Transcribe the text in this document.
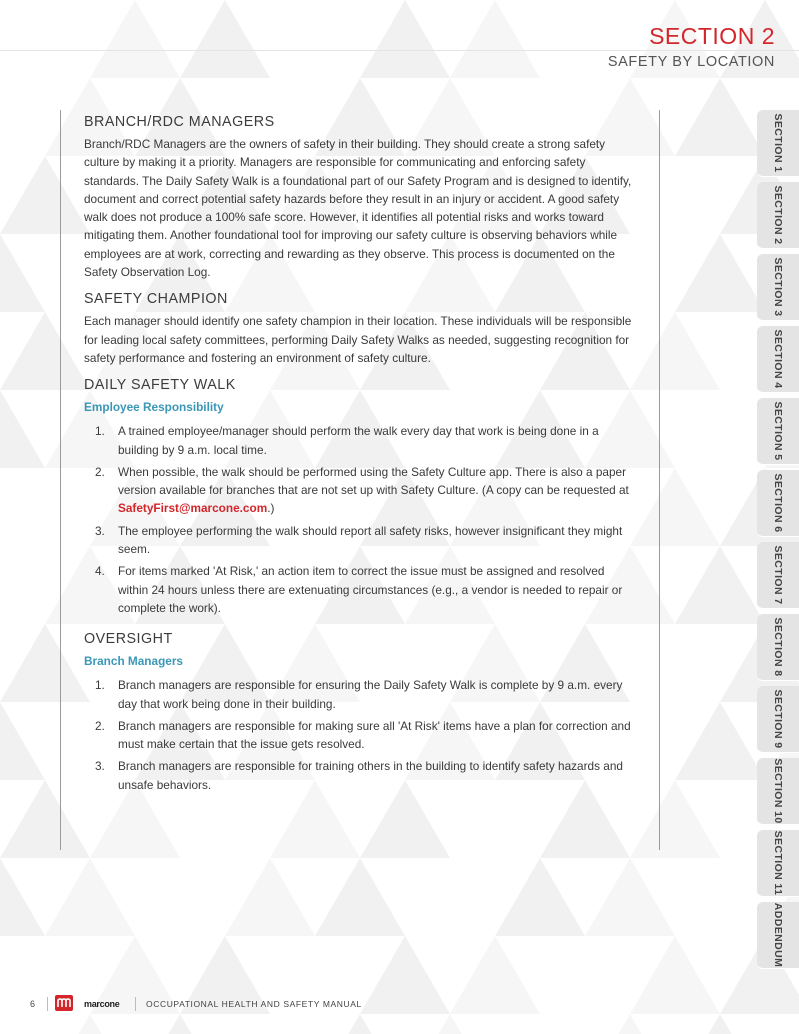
SECTION 2
SAFETY BY LOCATION
BRANCH/RDC MANAGERS

Branch/RDC Managers are the owners of safety in their building. They should create a strong safety culture by making it a priority. Managers are responsible for communicating and enforcing safety standards. The Daily Safety Walk is a foundational part of our Safety Program and is designed to identify, document and correct potential safety hazards before they result in an injury or accident. A good safety walk does not produce a 100% safe score. However, it identifies all potential risks and works toward mitigating them. Another foundational tool for improving our safety culture is observing behaviors while employees are at work, correcting and rewarding as they observe. This process is documented on the Safety Observation Log.

SAFETY CHAMPION

Each manager should identify one safety champion in their location. These individuals will be responsible for leading local safety committees, performing Daily Safety Walks as needed, suggesting recognition for safety performance and fostering an environment of safety culture.

DAILY SAFETY WALK
Employee Responsibility
1. A trained employee/manager should perform the walk every day that work is being done in a building by 9 a.m. local time.
2. When possible, the walk should be performed using the Safety Culture app. There is also a paper version available for branches that are not set up with Safety Culture. (A copy can be requested at SafetyFirst@marcone.com.)
3. The employee performing the walk should report all safety risks, however insignificant they might seem.
4. For items marked 'At Risk,' an action item to correct the issue must be assigned and resolved within 24 hours unless there are extenuating circumstances (e.g., a vendor is needed to repair or complete the work).
OVERSIGHT
Branch Managers
1. Branch managers are responsible for ensuring the Daily Safety Walk is complete by 9 a.m. every day that work being done in their building.
2. Branch managers are responsible for making sure all 'At Risk' items have a plan for correction and must make certain that the issue gets resolved.
3. Branch managers are responsible for training others in the building to identify safety hazards and unsafe behaviors.
SECTION 1
SECTION 2
SECTION 3
SECTION 4
SECTION 5
SECTION 6
SECTION 7
SECTION 8
SECTION 9
SECTION 10
SECTION 11
ADDENDUM
6	marcone	OCCUPATIONAL HEALTH AND SAFETY MANUAL
